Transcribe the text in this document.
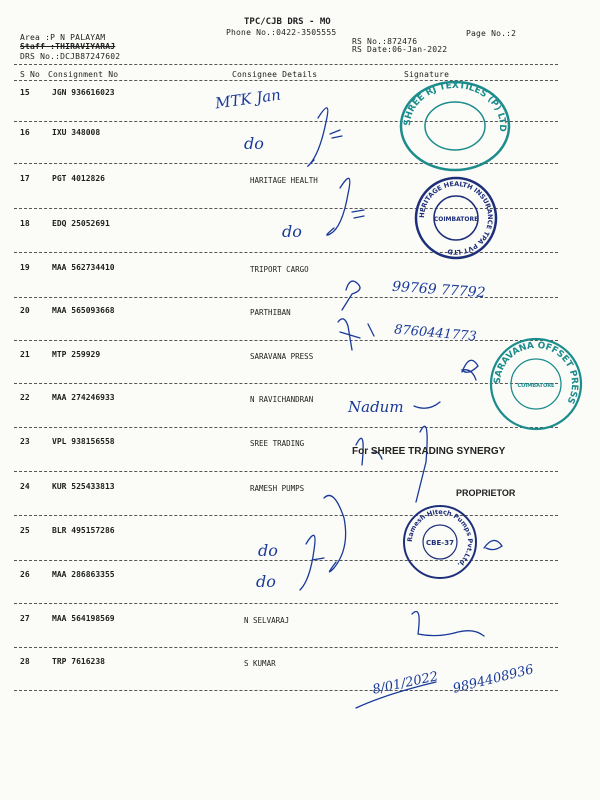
TPC/CJB DRS - MO
Phone No.:0422-3505555
Area :P N PALAYAM
Staff :THIRAVIYARAJ
DRS No.:DCJB87247602
RS No.:872476
RS Date:06-Jan-2022
Page No.:2
S No Consignment No	Consignee Details	Signature
15	JGN 936616023
16	IXU 348008
17	PGT 4012826	HARITAGE HEALTH
18	EDQ 25052691
19	MAA 562734410	TRIPORT CARGO
20	MAA 565093668	PARTHIBAN
21	MTP 259929	SARAVANA PRESS
22	MAA 274246933	N RAVICHANDRAN
23	VPL 938156558	SREE TRADING
24	KUR 525433813	RAMESH PUMPS
25	BLR 495157286
26	MAA 286863355
27	MAA 564198569	N SELVARAJ
28	TRP 7616238	S KUMAR
MTK Jan
do
do
99769 77792
8760441773
Nadum
do
do
8/01/2022 9894408936
SHREE RJ TEXTILES (P) LTD
HERITAGE HEALTH INSURANCE TPA PVT LTD
COIMBATORE
SARAVANA OFFSET PRESS
COIMBATORE
Ramesh Hitech Pumps Pvt.Ltd.
CBE-37
For SHREE TRADING SYNERGY
PROPRIETOR
